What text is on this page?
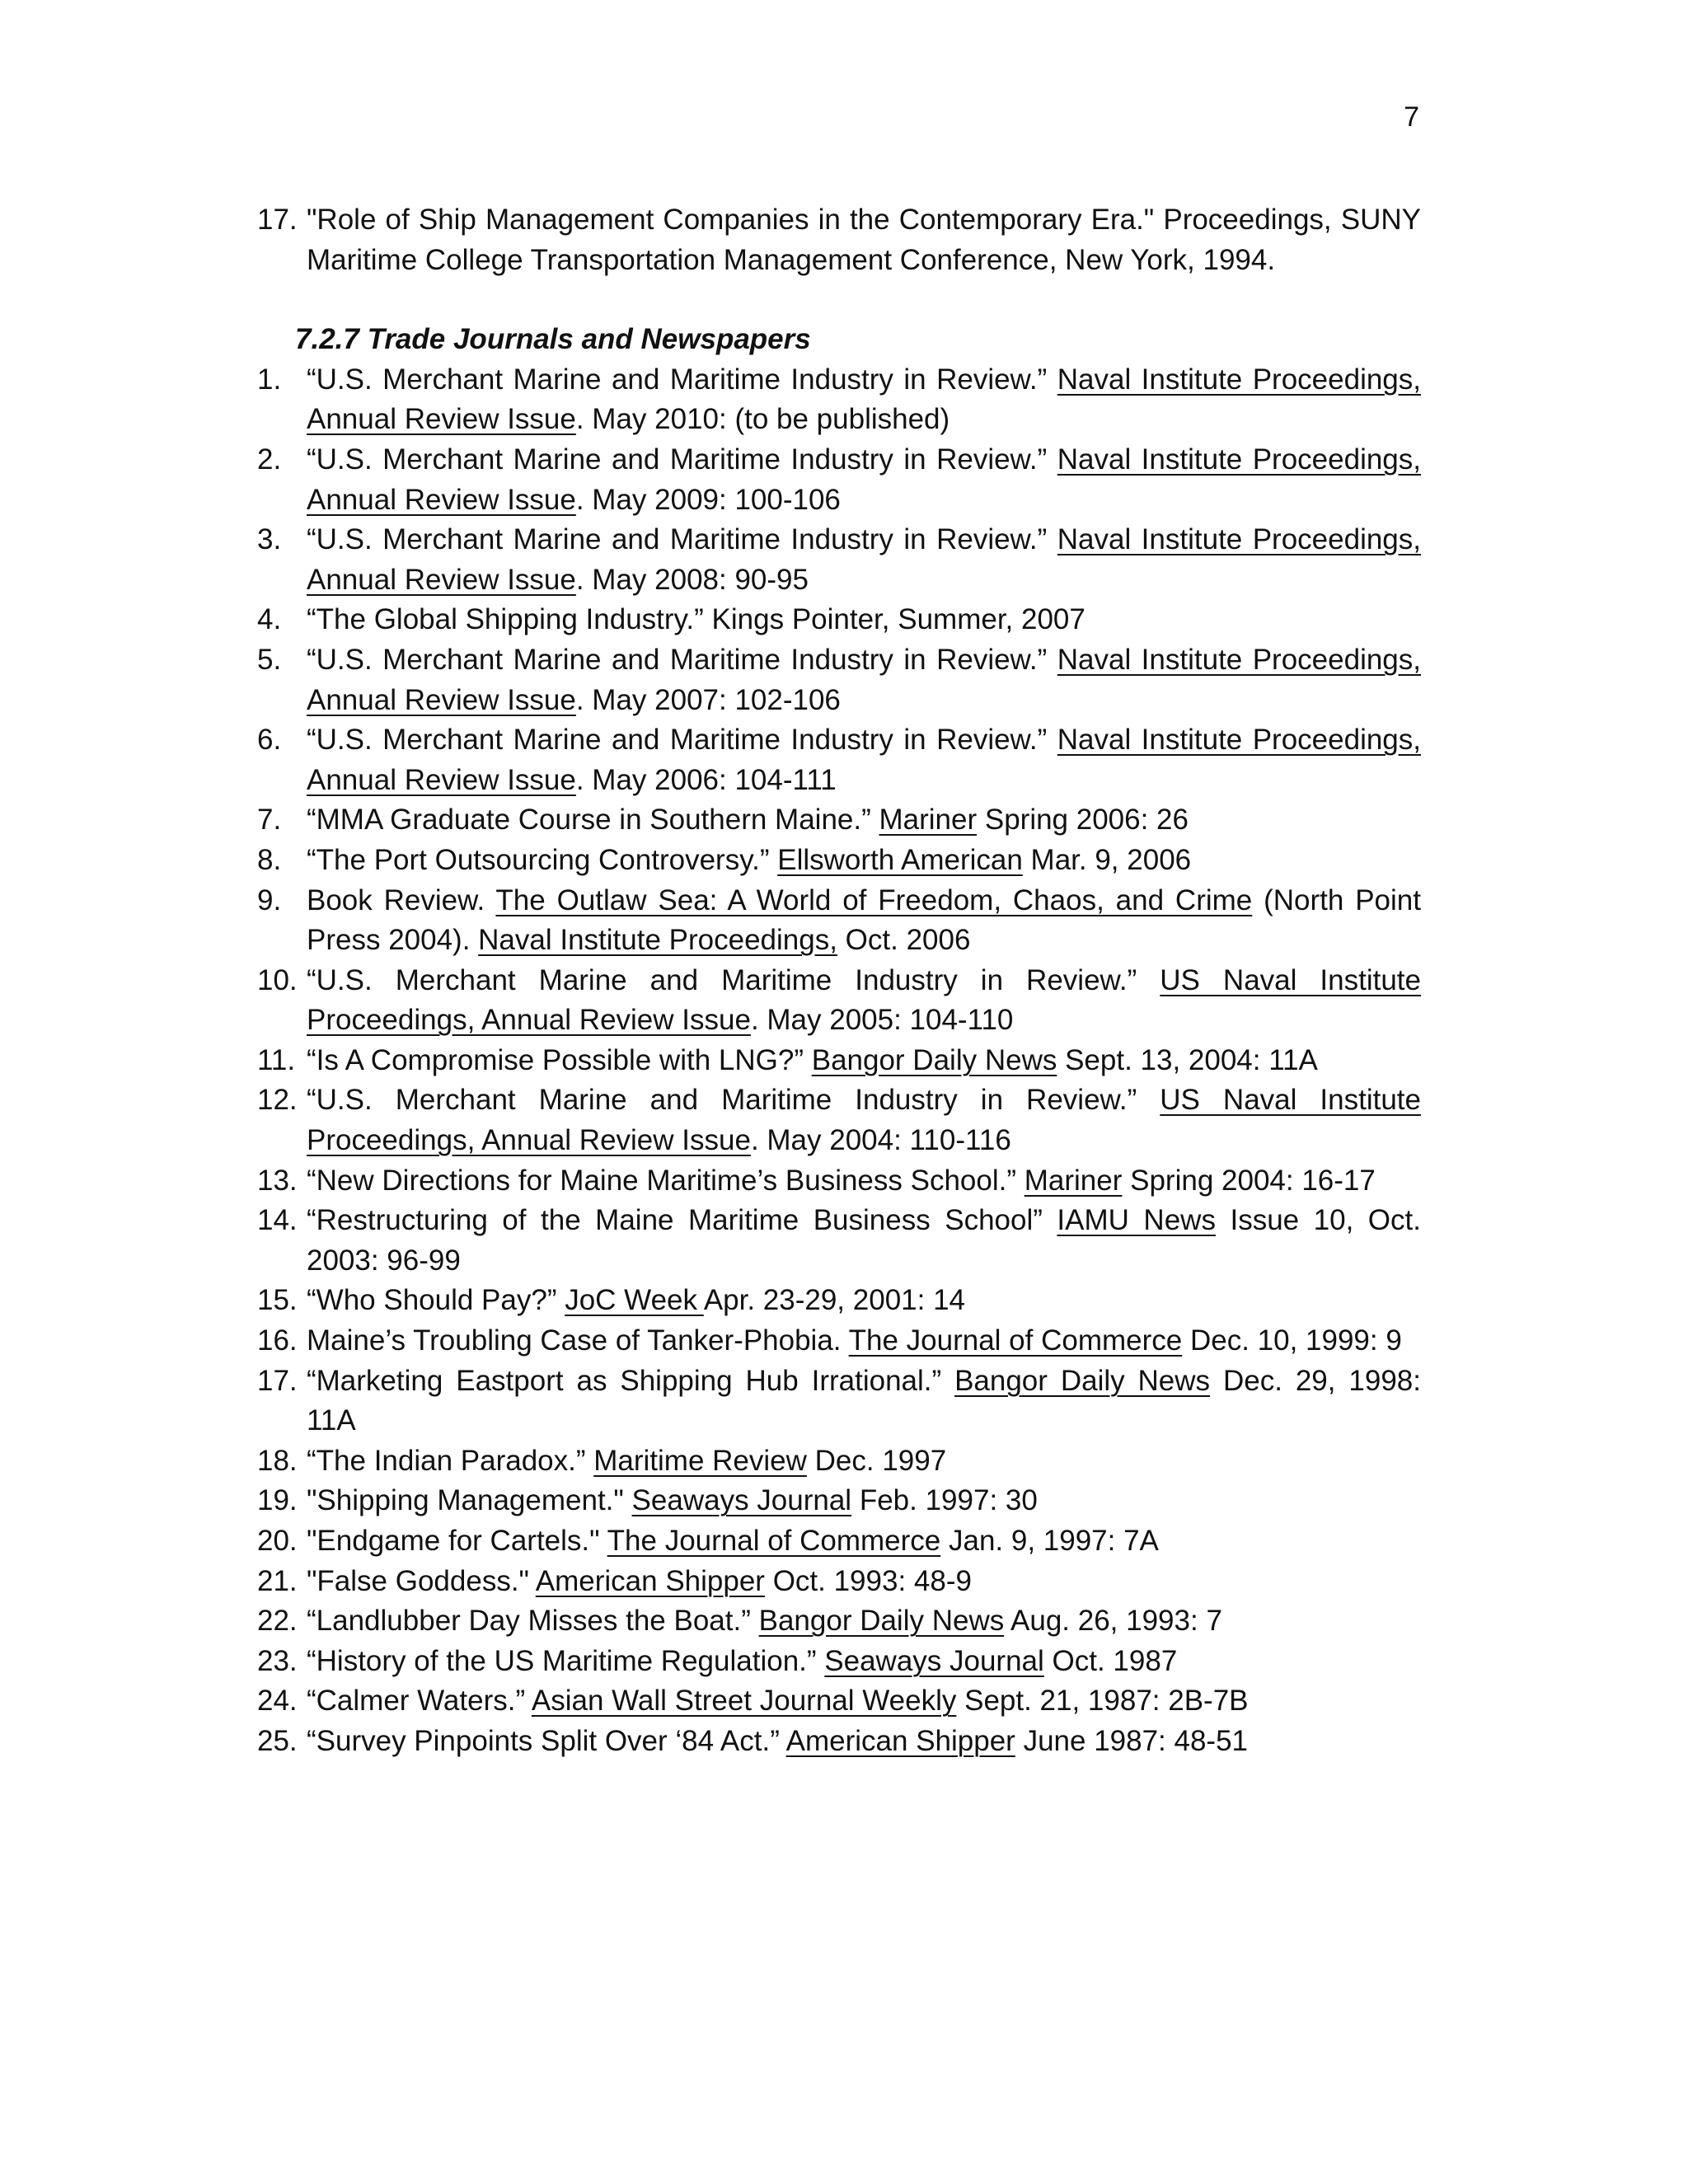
7
17. "Role of Ship Management Companies in the Contemporary Era." Proceedings, SUNY Maritime College Transportation Management Conference, New York, 1994.
7.2.7 Trade Journals and Newspapers
1. “U.S. Merchant Marine and Maritime Industry in Review.” Naval Institute Proceedings, Annual Review Issue. May 2010: (to be published)
2. “U.S. Merchant Marine and Maritime Industry in Review.” Naval Institute Proceedings, Annual Review Issue. May 2009: 100-106
3. “U.S. Merchant Marine and Maritime Industry in Review.” Naval Institute Proceedings, Annual Review Issue. May 2008: 90-95
4. “The Global Shipping Industry.” Kings Pointer, Summer, 2007
5. “U.S. Merchant Marine and Maritime Industry in Review.” Naval Institute Proceedings, Annual Review Issue. May 2007: 102-106
6. “U.S. Merchant Marine and Maritime Industry in Review.” Naval Institute Proceedings, Annual Review Issue. May 2006: 104-111
7. “MMA Graduate Course in Southern Maine.” Mariner Spring 2006: 26
8. “The Port Outsourcing Controversy.” Ellsworth American Mar. 9, 2006
9. Book Review. The Outlaw Sea: A World of Freedom, Chaos, and Crime (North Point Press 2004). Naval Institute Proceedings, Oct. 2006
10. “U.S. Merchant Marine and Maritime Industry in Review.” US Naval Institute Proceedings, Annual Review Issue. May 2005: 104-110
11. “Is A Compromise Possible with LNG?” Bangor Daily News Sept. 13, 2004: 11A
12. “U.S. Merchant Marine and Maritime Industry in Review.” US Naval Institute Proceedings, Annual Review Issue. May 2004: 110-116
13. “New Directions for Maine Maritime’s Business School.” Mariner Spring 2004: 16-17
14. “Restructuring of the Maine Maritime Business School” IAMU News Issue 10, Oct. 2003: 96-99
15. “Who Should Pay?” JoC Week Apr. 23-29, 2001: 14
16. Maine’s Troubling Case of Tanker-Phobia. The Journal of Commerce Dec. 10, 1999: 9
17. “Marketing Eastport as Shipping Hub Irrational.” Bangor Daily News Dec. 29, 1998: 11A
18. “The Indian Paradox.” Maritime Review Dec. 1997
19. "Shipping Management." Seaways Journal Feb. 1997: 30
20. "Endgame for Cartels." The Journal of Commerce Jan. 9, 1997: 7A
21. "False Goddess." American Shipper Oct. 1993: 48-9
22. “Landlubber Day Misses the Boat.” Bangor Daily News Aug. 26, 1993: 7
23. “History of the US Maritime Regulation.” Seaways Journal Oct. 1987
24. “Calmer Waters.” Asian Wall Street Journal Weekly Sept. 21, 1987: 2B-7B
25. “Survey Pinpoints Split Over ‘84 Act.” American Shipper June 1987: 48-51
